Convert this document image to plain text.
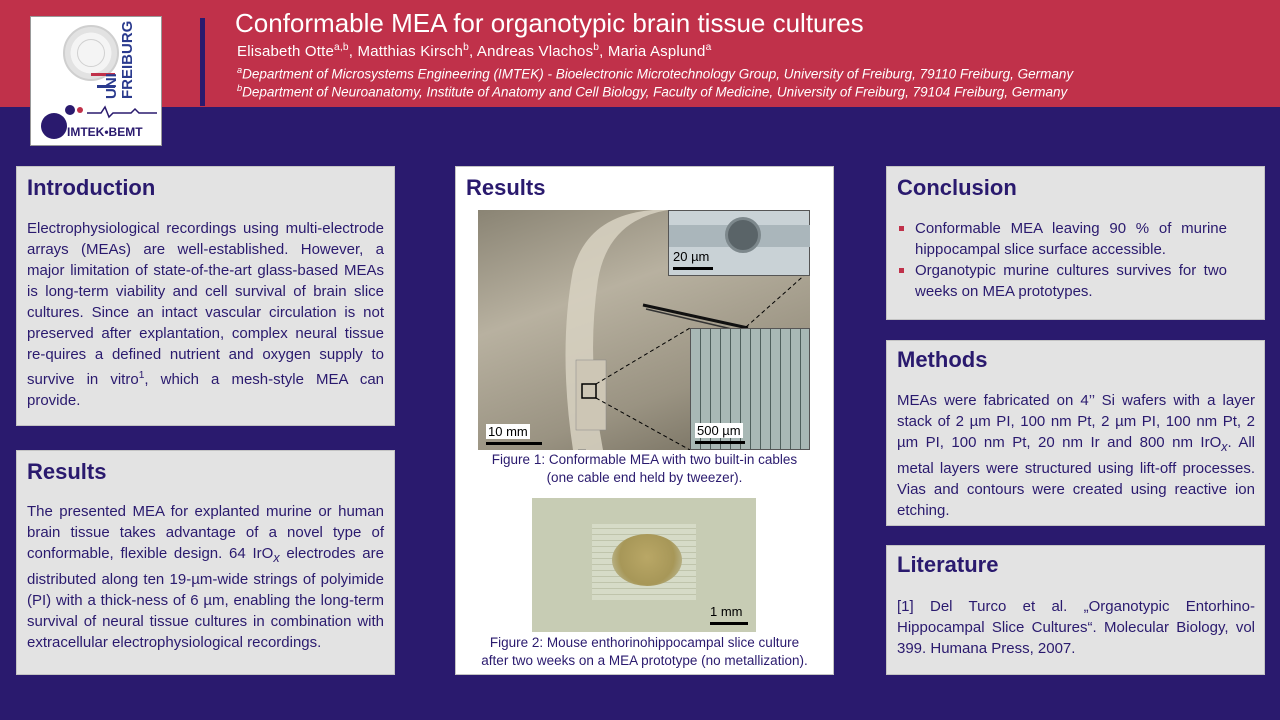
UNI FREIBURG
IMTEK•BEMT
Conformable MEA for organotypic brain tissue cultures
Elisabeth Otte$^{a,b}$, Matthias Kirsch$^b$, Andreas Vlachos$^b$, Maria Asplund$^a$
$^a$Department of Microsystems Engineering (IMTEK) - Bioelectronic Microtechnology Group, University of Freiburg, 79110 Freiburg, Germany
$^b$Department of Neuroanatomy, Institute of Anatomy and Cell Biology, Faculty of Medicine, University of Freiburg, 79104 Freiburg, Germany
Introduction

Electrophysiological recordings using multi-electrode arrays (MEAs) are well-established. However, a major limitation of state-of-the-art glass-based MEAs is long-term viability and cell survival of brain slice cultures. Since an intact vascular circulation is not preserved after explantation, complex neural tissue re-quires a defined nutrient and oxygen supply to survive in vitro$^1$, which a mesh-style MEA can provide.

Results

The presented MEA for explanted murine or human brain tissue takes advantage of a novel type of conformable, flexible design. 64 IrO$_x$ electrodes are distributed along ten 19-µm-wide strings of polyimide (PI) with a thick-ness of 6 µm, enabling the long-term survival of neural tissue cultures in combination with extracellular electrophysiological recordings.

Results
20 µm
500 µm
10 mm
Figure 1: Conformable MEA with two built-in cables
(one cable end held by tweezer).
1 mm
Figure 2: Mouse enthorinohippocampal slice culture
after two weeks on a MEA prototype (no metallization).
Conclusion
Conformable MEA leaving 90 % of murine hippocampal slice surface accessible.
Organotypic murine cultures survives for two weeks on MEA prototypes.
Methods

MEAs were fabricated on 4’’ Si wafers with a layer stack of 2 µm PI, 100 nm Pt, 2 µm PI, 100 nm Pt, 2 µm PI, 100 nm Pt, 20 nm Ir and 800 nm IrO$_x$. All metal layers were structured using lift-off processes. Vias and contours were created using reactive ion etching.

Literature

[1] Del Turco et al. „Organotypic Entorhino-Hippocampal Slice Cultures“. Molecular Biology, vol 399. Humana Press, 2007.
